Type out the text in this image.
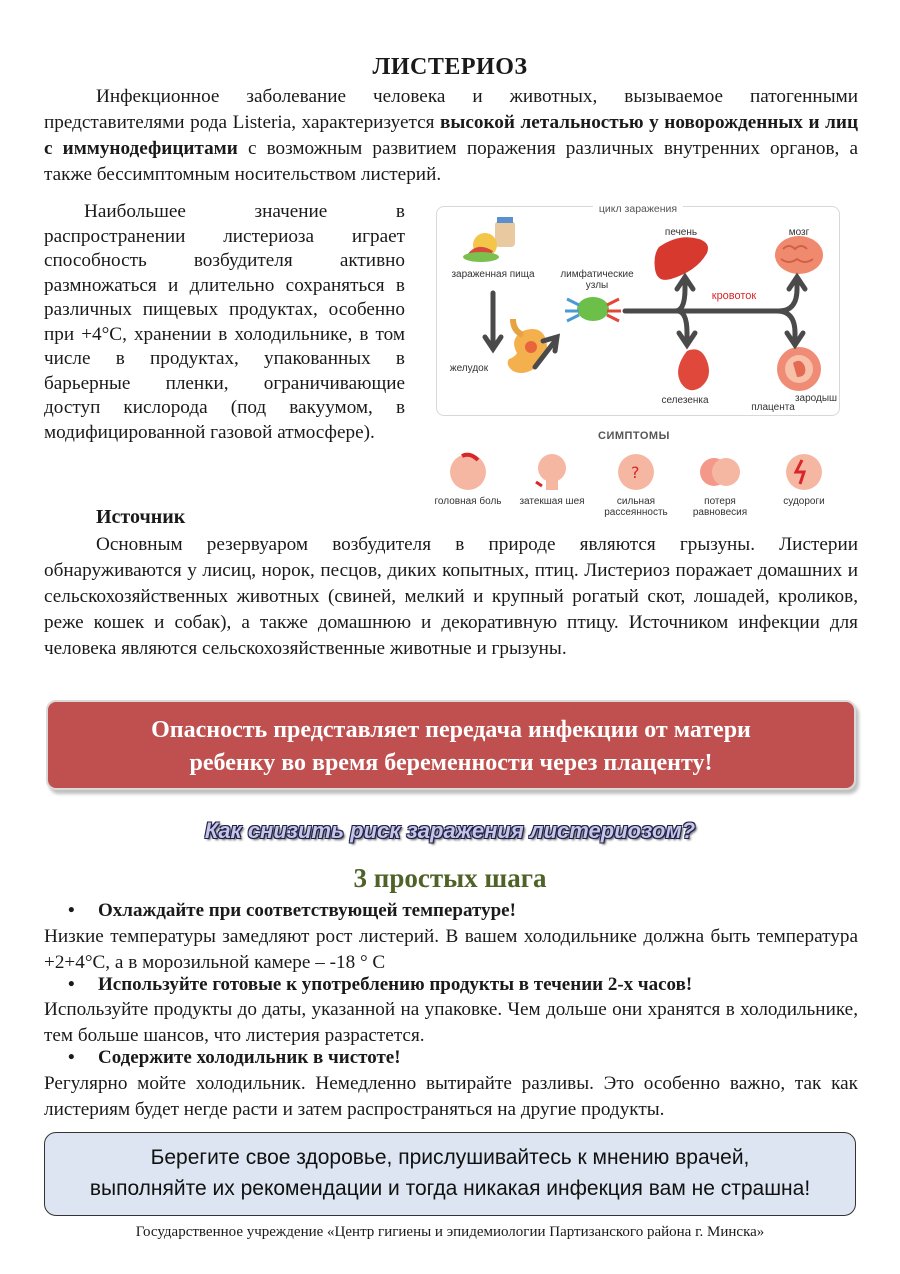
ЛИСТЕРИОЗ
Инфекционное заболевание человека и животных, вызываемое патогенными представителями рода Listeria, характеризуется высокой летальностью у новорожденных и лиц с иммунодефицитами с возможным развитием поражения различных внутренних органов, а также бессимптомным носительством листерий.
Наибольшее значение в распространении листериоза играет способность возбудителя активно размножаться и длительно сохраняться в различных пищевых продуктах, особенно при +4°С, хранении в холодильнике, в том числе в продуктах, упакованных в барьерные пленки, ограничивающие доступ кислорода (под вакуумом, в модифицированной газовой атмосфере).
цикл заражения
зараженная пища
желудок
лимфатические узлы
кровоток
печень	мозг
селезенка
плацента
зародыш
СИМПТОМЫ
головная боль	затекшая шея
?
сильная рассеянность
потеря равновесия
судороги
Источник
Основным резервуаром возбудителя в природе являются грызуны. Листерии обнаруживаются у лисиц, норок, песцов, диких копытных, птиц. Листериоз поражает домашних и сельскохозяйственных животных (свиней, мелкий и крупный рогатый скот, лошадей, кроликов, реже кошек и собак), а также домашнюю и декоративную птицу. Источником инфекции для человека являются сельскохозяйственные животные и грызуны.
Опасность представляет передача инфекции от матери
ребенку во время беременности через плаценту!
Как снизить риск заражения листериозом?
3 простых шага
• Охлаждайте при соответствующей температуре!
Низкие температуры замедляют рост листерий. В вашем холодильнике должна быть температура +2+4°С, а в морозильной камере – -18 ° С
• Используйте готовые к употреблению продукты в течении 2-х часов!
Используйте продукты до даты, указанной на упаковке. Чем дольше они хранятся в холодильнике, тем больше шансов, что листерия разрастется.
• Содержите холодильник в чистоте!
Регулярно мойте холодильник. Немедленно вытирайте разливы. Это особенно важно, так как листериям будет негде расти и затем распространяться на другие продукты.
Берегите свое здоровье, прислушивайтесь к мнению врачей,
выполняйте их рекомендации и тогда никакая инфекция вам не страшна!
Государственное учреждение «Центр гигиены и эпидемиологии Партизанского района г. Минска»
